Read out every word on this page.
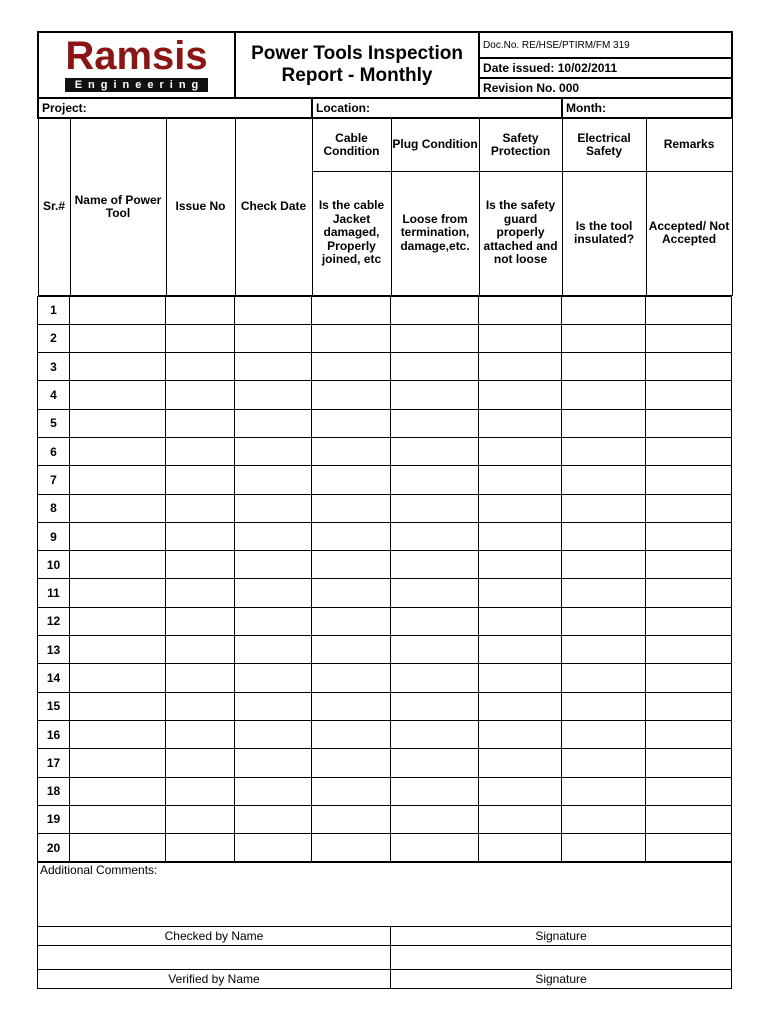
Ramsis
Engineering			Power Tools Inspection Report - Monthly			Doc.No. RE/HSE/PTIRM/FM 319		
						Date issued: 10/02/2011		
						Revision No. 000		
Project:				Location:			Month:	
Sr.#	Name of Power Tool	Issue No	Check Date	Cable Condition	Plug Condition	Safety Protection	Electrical Safety	Remarks
				Is the cable Jacket damaged, Properly joined, etc	Loose from termination, damage,etc.	Is the safety guard properly attached and not loose	Is the tool insulated?	Accepted/ Not Accepted
1								
2								
3								
4								
5								
6								
7								
8								
9								
10								
11								
12								
13								
14								
15								
16								
17								
18								
19								
20								
Additional Comments:	
Checked by Name	Signature

Verified by Name	Signature
